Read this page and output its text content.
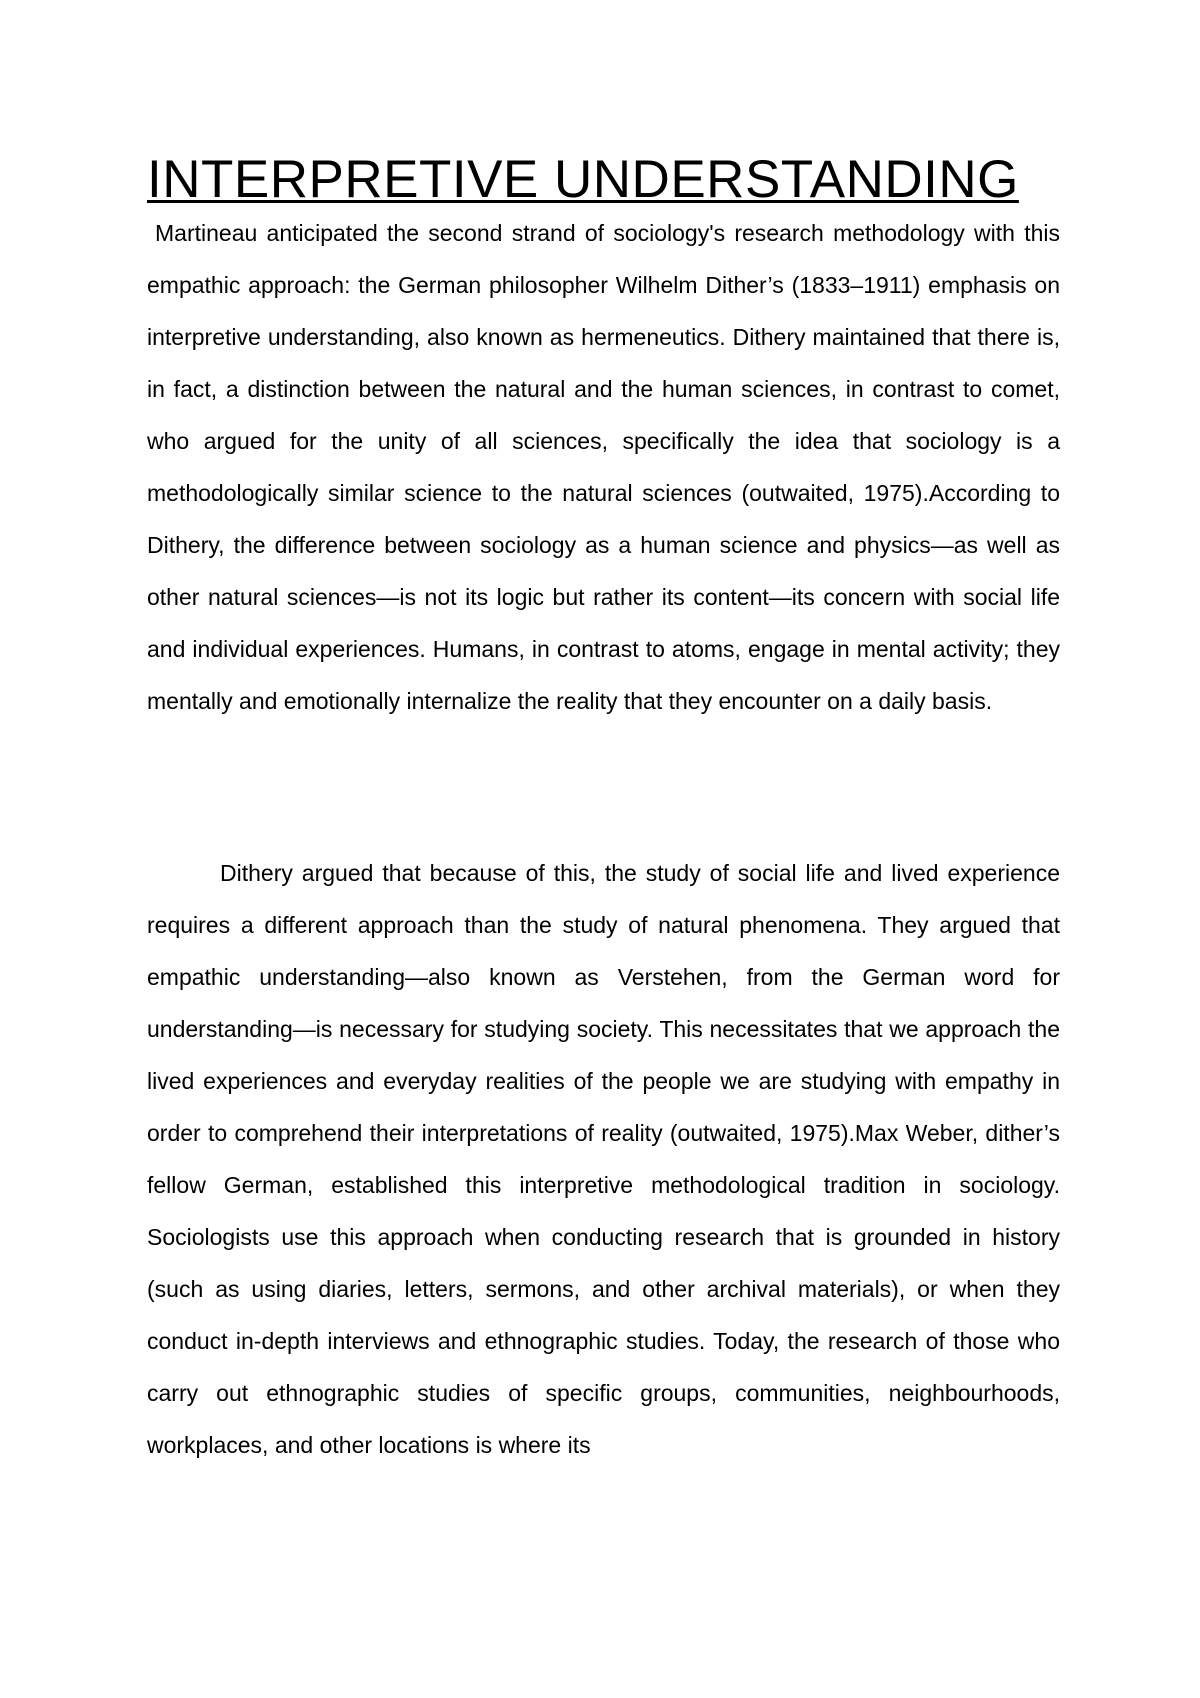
INTERPRETIVE UNDERSTANDING

Martineau anticipated the second strand of sociology's research methodology with this empathic approach: the German philosopher Wilhelm Dither’s (1833–1911) emphasis on interpretive understanding, also known as hermeneutics. Dithery maintained that there is, in fact, a distinction between the natural and the human sciences, in contrast to comet, who argued for the unity of all sciences, specifically the idea that sociology is a methodologically similar science to the natural sciences (outwaited, 1975).According to Dithery, the difference between sociology as a human science and physics—as well as other natural sciences—is not its logic but rather its content—its concern with social life and individual experiences. Humans, in contrast to atoms, engage in mental activity; they mentally and emotionally internalize the reality that they encounter on a daily basis.

Dithery argued that because of this, the study of social life and lived experience requires a different approach than the study of natural phenomena. They argued that empathic understanding—also known as Verstehen, from the German word for understanding—is necessary for studying society. This necessitates that we approach the lived experiences and everyday realities of the people we are studying with empathy in order to comprehend their interpretations of reality (outwaited, 1975).Max Weber, dither’s fellow German, established this interpretive methodological tradition in sociology. Sociologists use this approach when conducting research that is grounded in history (such as using diaries, letters, sermons, and other archival materials), or when they conduct in-depth interviews and ethnographic studies. Today, the research of those who carry out ethnographic studies of specific groups, communities, neighbourhoods, workplaces, and other locations is where its
